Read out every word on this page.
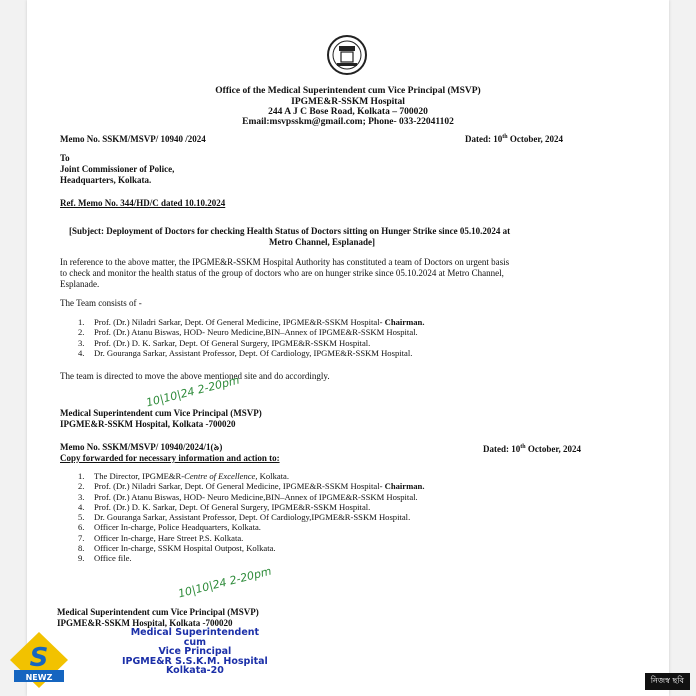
Office of the Medical Superintendent cum Vice Principal (MSVP)
IPGME&R-SSKM Hospital
244 A J C Bose Road, Kolkata – 700020
Email:msvpsskm@gmail.com; Phone- 033-22041102
Memo No. SSKM/MSVP/ 10940 /2024	Dated: 10th October, 2024
To
Joint Commissioner of Police,
Headquarters, Kolkata.
Ref. Memo No. 344/HD/C dated 10.10.2024
[Subject: Deployment of Doctors for checking Health Status of Doctors sitting on Hunger Strike since 05.10.2024 at
Metro Channel, Esplanade]
In reference to the above matter, the IPGME&R-SSKM Hospital Authority has constituted a team of Doctors on urgent basis
to check and monitor the health status of the group of doctors who are on hunger strike since 05.10.2024 at Metro Channel,
Esplanade.
The Team consists of -
1.	Prof. (Dr.) Niladri Sarkar, Dept. Of General Medicine, IPGME&R-SSKM Hospital- Chairman.
2.	Prof. (Dr.) Atanu Biswas, HOD- Neuro Medicine,BIN–Annex of IPGME&R-SSKM Hospital.
3.	Prof. (Dr.) D. K. Sarkar, Dept. Of General Surgery, IPGME&R-SSKM Hospital.
4.	Dr. Gouranga Sarkar, Assistant Professor, Dept. Of Cardiology, IPGME&R-SSKM Hospital.
The team is directed to move the above mentioned site and do accordingly.
10|10|24 2-20pm
Medical Superintendent cum Vice Principal (MSVP)
IPGME&R-SSKM Hospital, Kolkata -700020
Memo No. SSKM/MSVP/ 10940/2024/1(৯)	Dated: 10th October, 2024
Copy forwarded for necessary information and action to:
1.	The Director, IPGME&R-Centre of Excellence, Kolkata.
2.	Prof. (Dr.) Niladri Sarkar, Dept. Of General Medicine, IPGME&R-SSKM Hospital- Chairman.
3.	Prof. (Dr.) Atanu Biswas, HOD- Neuro Medicine,BIN–Annex of IPGME&R-SSKM Hospital.
4.	Prof. (Dr.) D. K. Sarkar, Dept. Of General Surgery, IPGME&R-SSKM Hospital.
5.	Dr. Gouranga Sarkar, Assistant Professor, Dept. Of Cardiology,IPGME&R-SSKM Hospital.
6.	Officer In-charge, Police Headquarters, Kolkata.
7.	Officer In-charge, Hare Street P.S. Kolkata.
8.	Officer In-charge, SSKM Hospital Outpost, Kolkata.
9.	Office file.
10|10|24 2-20pm
Medical Superintendent cum Vice Principal (MSVP)
IPGME&R-SSKM Hospital, Kolkata -700020
Medical Superintendent
cum
Vice Principal
IPGME&R S.S.K.M. Hospital
Kolkata-20
S
NEWZ	নিজস্ব ছবি
